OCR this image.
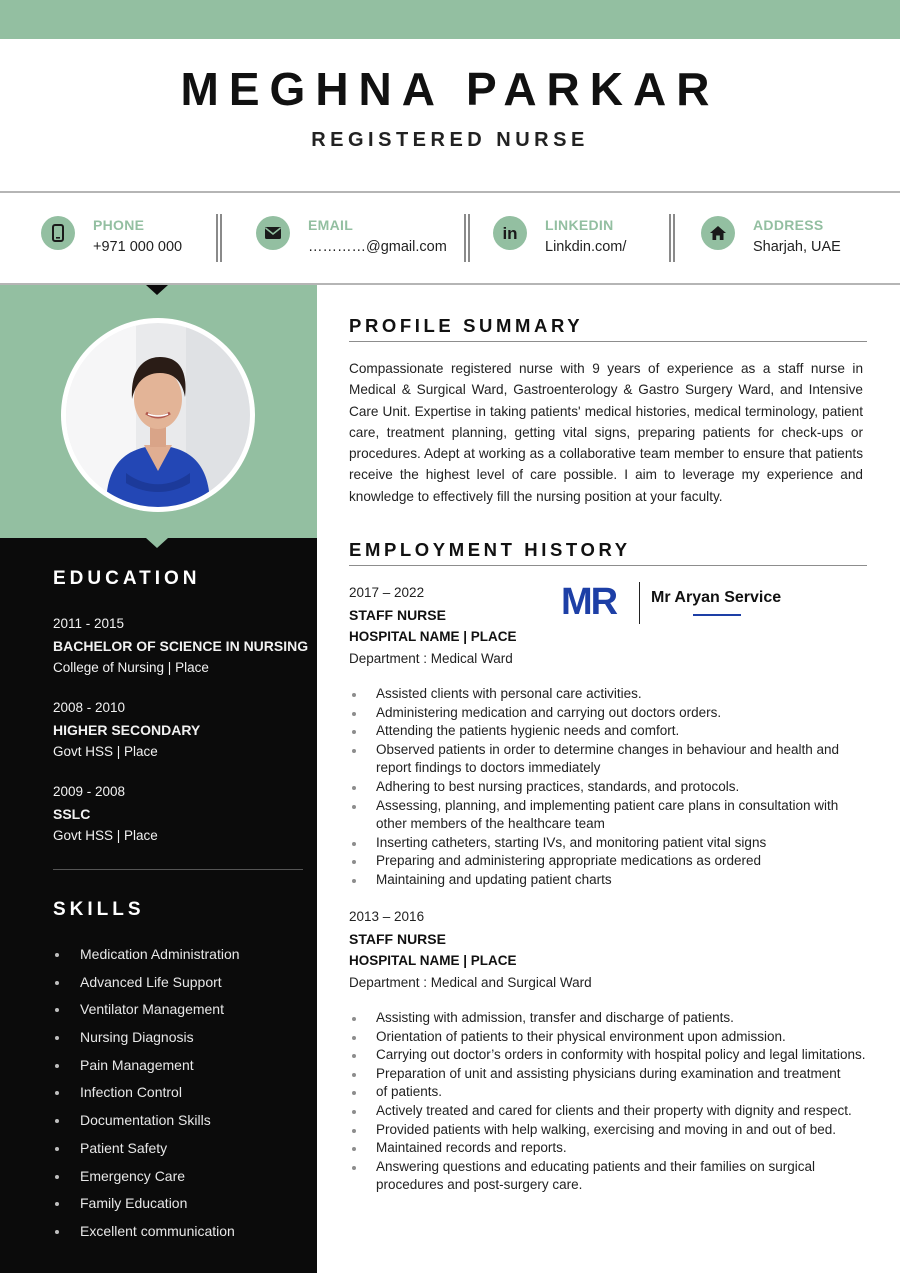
MEGHNA PARKAR
REGISTERED NURSE
PHONE
+971 000 000
EMAIL
…………@gmail.com
in LINKEDIN
Linkdin.com/
ADDRESS
Sharjah, UAE
EDUCATION
2011 - 2015
BACHELOR OF SCIENCE IN NURSING
College of Nursing | Place
2008 - 2010
HIGHER SECONDARY
Govt HSS | Place
2009 - 2008
SSLC
Govt HSS | Place
SKILLS
Medication Administration
Advanced Life Support
Ventilator Management
Nursing Diagnosis
Pain Management
Infection Control
Documentation Skills
Patient Safety
Emergency Care
Family Education
Excellent communication
PROFILE SUMMARY
Compassionate registered nurse with 9 years of experience as a staff nurse in Medical & Surgical Ward, Gastroenterology & Gastro Surgery Ward, and Intensive Care Unit. Expertise in taking patients' medical histories, medical terminology, patient care, treatment planning, getting vital signs, preparing patients for check-ups or procedures. Adept at working as a collaborative team member to ensure that patients receive the highest level of care possible. I aim to leverage my experience and knowledge to effectively fill the nursing position at your faculty.
EMPLOYMENT HISTORY
2017 – 2022
STAFF NURSE
HOSPITAL NAME | PLACE
Department : Medical Ward
Assisted clients with personal care activities.
Administering medication and carrying out doctors orders.
Attending the patients hygienic needs and comfort.
Observed patients in order to determine changes in behaviour and health and report findings to doctors immediately
Adhering to best nursing practices, standards, and protocols.
Assessing, planning, and implementing patient care plans in consultation with other members of the healthcare team
Inserting catheters, starting IVs, and monitoring patient vital signs
Preparing and administering appropriate medications as ordered
Maintaining and updating patient charts
2013 – 2016
STAFF NURSE
HOSPITAL NAME | PLACE
Department : Medical and Surgical Ward
Assisting with admission, transfer and discharge of patients.
Orientation of patients to their physical environment upon admission.
Carrying out doctor’s orders in conformity with hospital policy and legal limitations.
Preparation of unit and assisting physicians during examination and treatment
of patients.
Actively treated and cared for clients and their property with dignity and respect.
Provided patients with help walking, exercising and moving in and out of bed.
Maintained records and reports.
Answering questions and educating patients and their families on surgical procedures and post-surgery care.
MR Mr Aryan Service
